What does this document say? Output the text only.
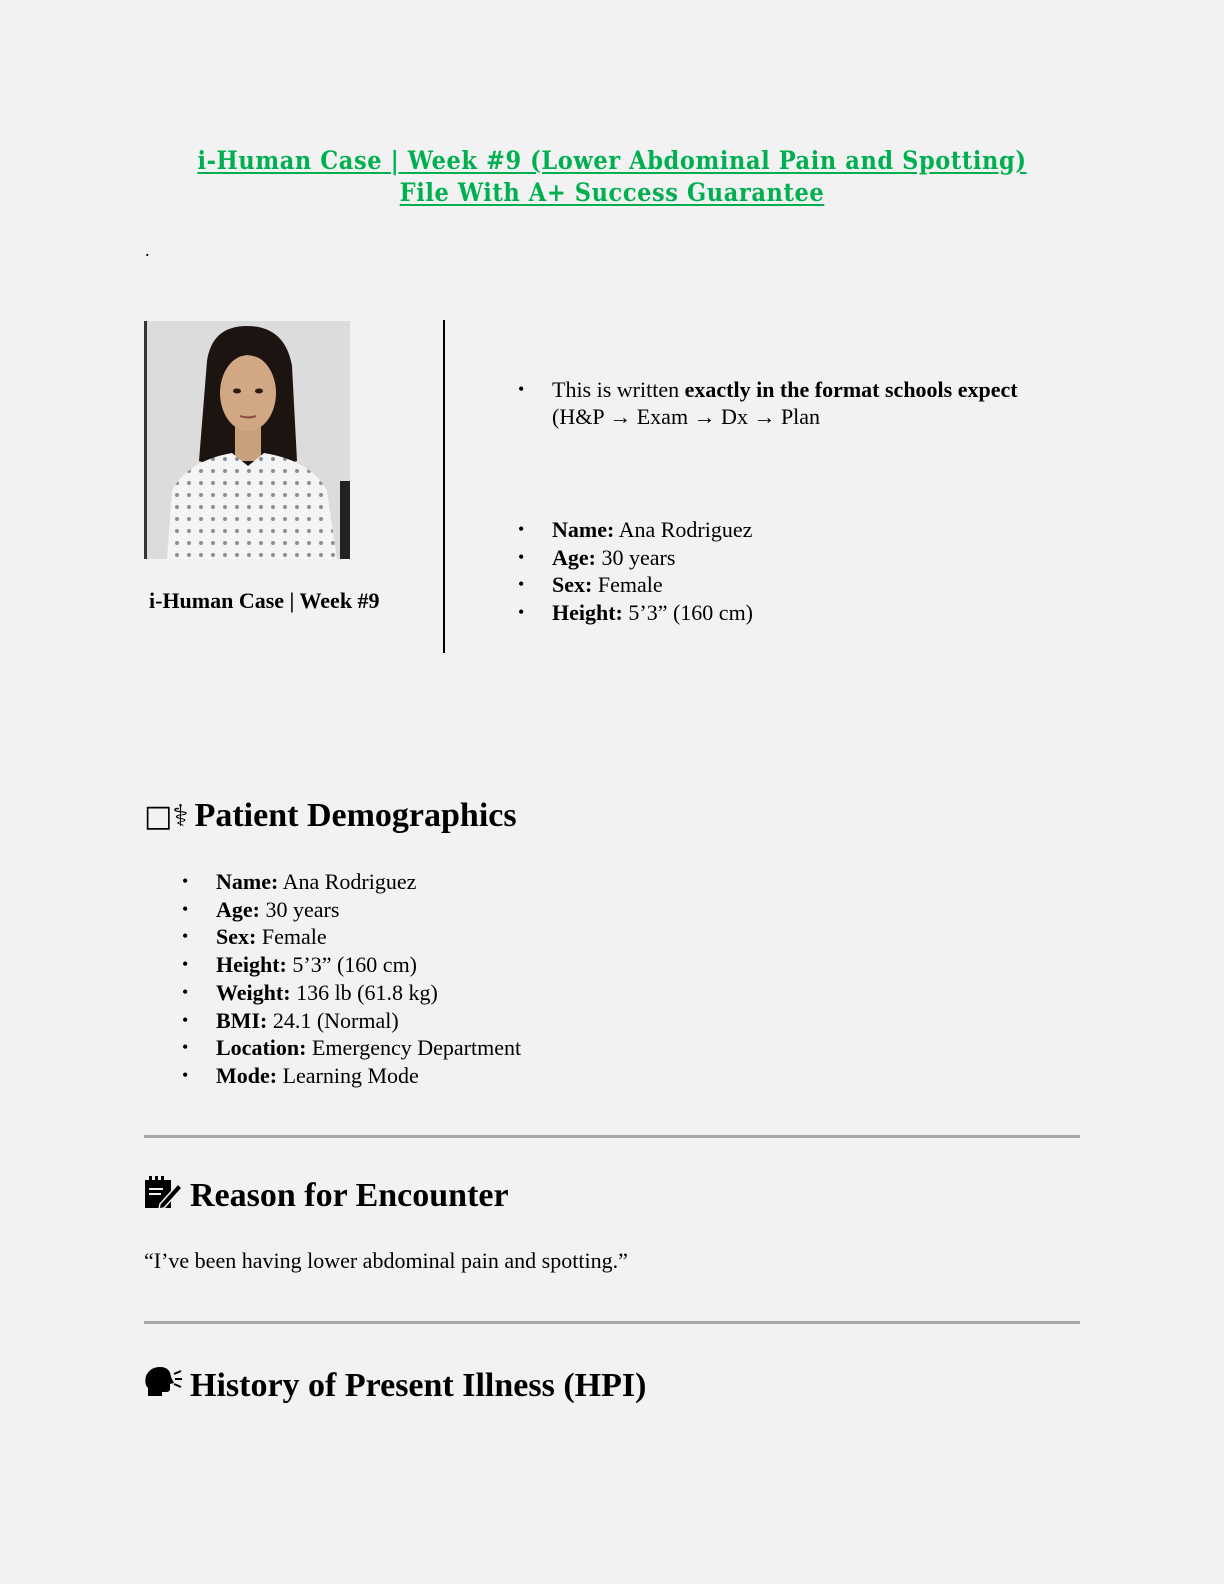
i-Human Case | Week #9 (Lower Abdominal Pain and Spotting)
File With A+ Success Guarantee
.
i-Human Case | Week #9
• This is written exactly in the format schools expect
(H&P → Exam → Dx → Plan
• Name: Ana Rodriguez
• Age: 30 years
• Sex: Female
• Height: 5’3” (160 cm)
□⚕ Patient Demographics
• Name: Ana Rodriguez
• Age: 30 years
• Sex: Female
• Height: 5’3” (160 cm)
• Weight: 136 lb (61.8 kg)
• BMI: 24.1 (Normal)
• Location: Emergency Department
• Mode: Learning Mode
Reason for Encounter
“I’ve been having lower abdominal pain and spotting.”
History of Present Illness (HPI)
